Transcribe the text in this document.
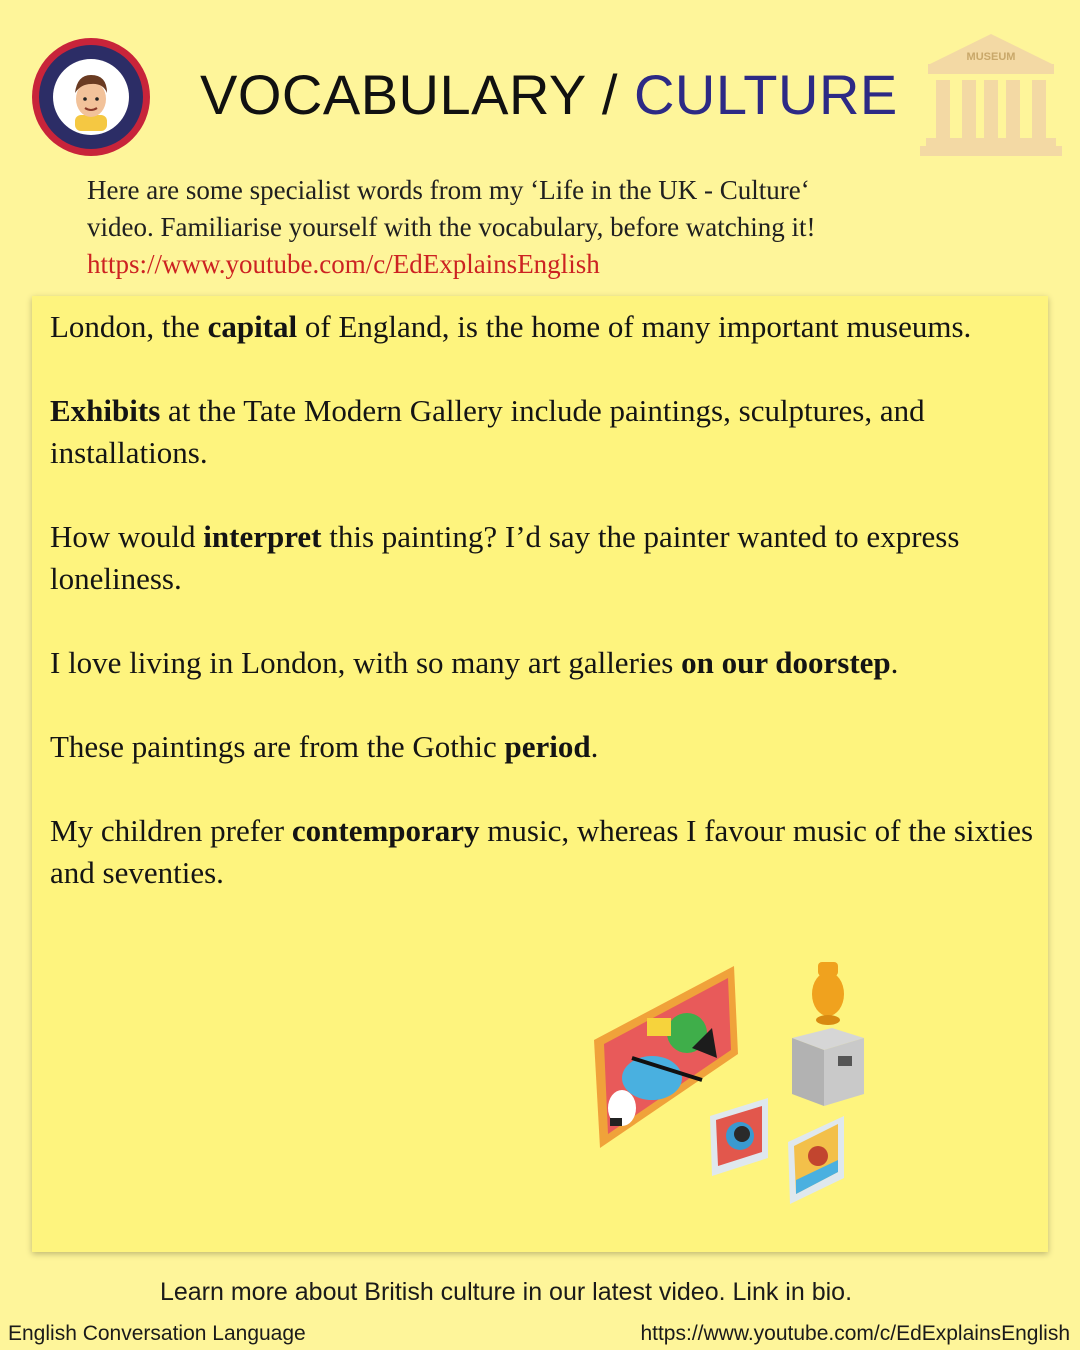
VOCABULARY / CULTURE
MUSEUM

Here are some specialist words from my ‘Life in the UK - Culture‘

video. Familiarise yourself with the vocabulary, before watching it!

https://www.youtube.com/c/EdExplainsEnglish

London, the capital of England, is the home of many important museums.

Exhibits at the Tate Modern Gallery include paintings, sculptures, and installations.

How would interpret this painting? I’d say the painter wanted to express loneliness.

I love living in London, with so many art galleries on our doorstep.

These paintings are from the Gothic period.

My children prefer contemporary music, whereas I favour music of the sixties and seventies.

Learn more about British culture in our latest video. Link in bio.

English Conversation Language	https://www.youtube.com/c/EdExplainsEnglish
